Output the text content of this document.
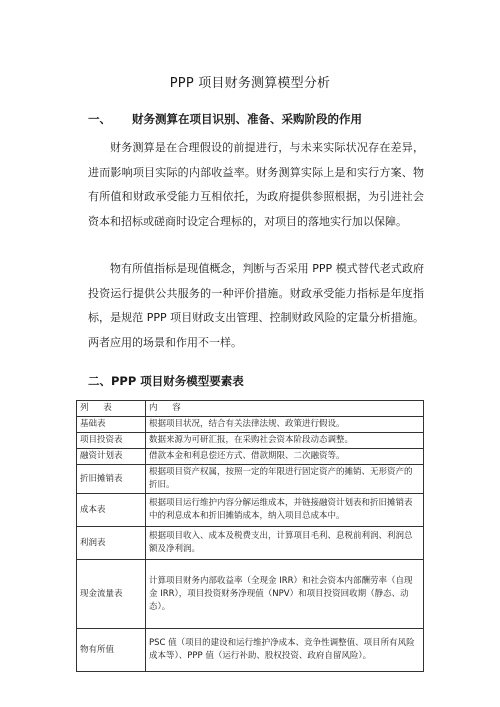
PPP 项目财务测算模型分析
一、 财务测算在项目识别、准备、采购阶段的作用

财务测算是在合理假设的前提进行，与未来实际状况存在差异，进而影响项目实际的内部收益率。财务测算实际上是和实行方案、物有所值和财政承受能力互相依托，为政府提供参照根据，为引进社会资本和招标或磋商时设定合理标的，对项目的落地实行加以保障。

物有所值指标是现值概念，判断与否采用 PPP 模式替代老式政府投资运行提供公共服务的一种评价措施。财政承受能力指标是年度指标，是规范 PPP 项目财政支出管理、控制财政风险的定量分析措施。两者应用的场景和作用不一样。

二、PPP 项目财务模型要素表
列 表	内 容
基础表	根据项目状况，结合有关法律法规、政策进行假设。
项目投资表	数据来源为可研汇报，在采购社会资本阶段动态调整。
融资计划表	借款本金和利息偿还方式、借款期限、二次融资等。
折旧摊销表	根据项目资产权属，按照一定的年限进行固定资产的摊销、无形资产的折旧。
成本表	根据项目运行维护内容分解运维成本，并链接融资计划表和折旧摊销表中的利息成本和折旧摊销成本，纳入项目总成本中。
利润表	根据项目收入、成本及税费支出，计算项目毛利、息税前利润、利润总额及净利润。
现金流量表	计算项目财务内部收益率（全现金 IRR）和社会资本内部酬劳率（自现金 IRR），项目投资财务净现值（NPV）和项目投资回收期（静态、动态）。
物有所值	PSC 值（项目的建设和运行维护净成本、竞争性调整值、项目所有风险成本等）、PPP 值（运行补助、股权投资、政府自留风险）。
